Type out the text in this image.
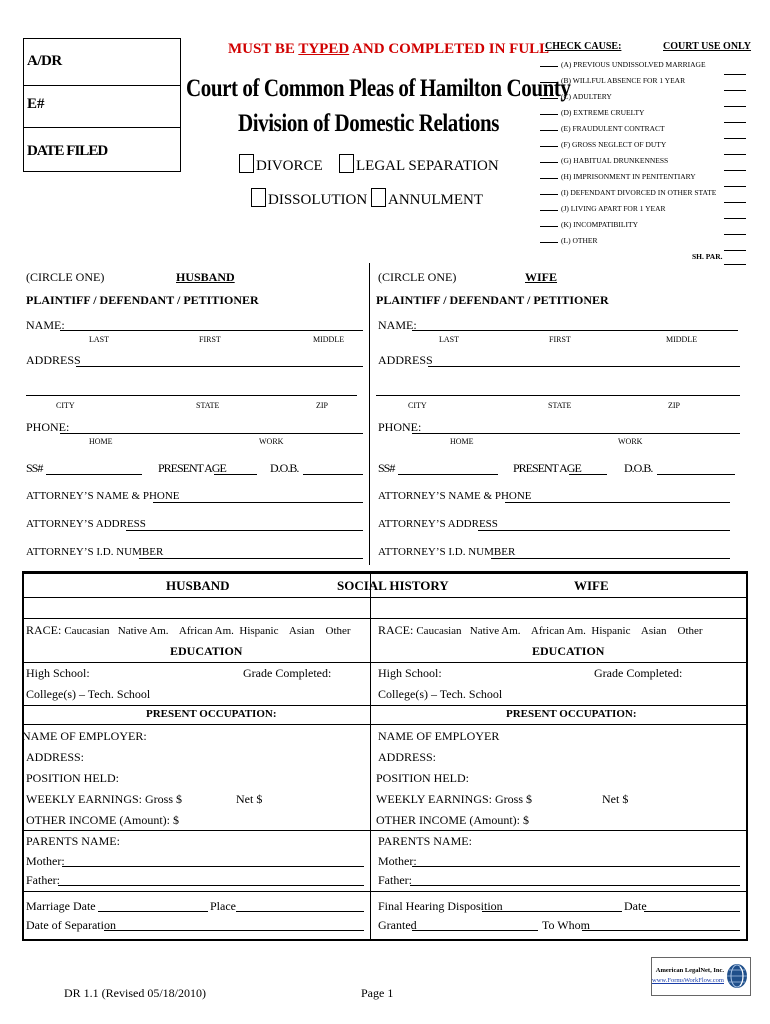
A/DR
E#
DATE FILED
MUST BE TYPED AND COMPLETED IN FULL
Court of Common Pleas of Hamilton County
Division of Domestic Relations
DIVORCE	LEGAL SEPARATION
DISSOLUTION	ANNULMENT
CHECK CAUSE:	COURT USE ONLY
(A) PREVIOUS UNDISSOLVED MARRIAGE
(B) WILLFUL ABSENCE FOR 1 YEAR
(C) ADULTERY
(D) EXTREME CRUELTY
(E) FRAUDULENT CONTRACT
(F) GROSS NEGLECT OF DUTY
(G) HABITUAL DRUNKENNESS
(H) IMPRISONMENT IN PENITENTIARY
(I) DEFENDANT DIVORCED IN OTHER STATE
(J) LIVING APART FOR 1 YEAR
(K) INCOMPATIBILITY
(L) OTHER
SH. PAR.
(CIRCLE ONE)	HUSBAND
PLAINTIFF / DEFENDANT / PETITIONER
NAME:
LAST	FIRST	MIDDLE
ADDRESS
CITY	STATE	ZIP
PHONE:
HOME	WORK
SS#	PRESENT AGE	D.O.B.
ATTORNEY’S NAME & PHONE
ATTORNEY’S ADDRESS
ATTORNEY’S I.D. NUMBER
(CIRCLE ONE)	WIFE
PLAINTIFF / DEFENDANT / PETITIONER
NAME:
LAST	FIRST	MIDDLE
ADDRESS
CITY	STATE	ZIP
PHONE:
HOME	WORK
SS#	PRESENT AGE	D.O.B.
ATTORNEY’S NAME & PHONE
ATTORNEY’S ADDRESS
ATTORNEY’S I.D. NUMBER
HUSBAND	SOCIAL HISTORY	WIFE
RACE: Caucasian   Native Am.    African Am.  Hispanic    Asian    Other RACE: Caucasian   Native Am.    African Am.  Hispanic    Asian    Other
EDUCATION	EDUCATION
High School:	Grade Completed:
College(s) – Tech. School
High School:	Grade Completed:
College(s) – Tech. School
PRESENT OCCUPATION:	PRESENT OCCUPATION:
NAME OF EMPLOYER:
ADDRESS:
POSITION HELD:
WEEKLY EARNINGS: Gross $	Net $
OTHER INCOME (Amount): $
NAME OF EMPLOYER
ADDRESS:
POSITION HELD:
WEEKLY EARNINGS: Gross $	Net $
OTHER INCOME (Amount): $
PARENTS NAME:
Mother:
Father:
PARENTS NAME:
Mother:
Father:
Marriage Date	Place
Date of Separation
Final Hearing Disposition	Date
Granted	To Whom
DR 1.1 (Revised 05/18/2010)	Page 1
American LegalNet, Inc.
www.FormsWorkFlow.com
